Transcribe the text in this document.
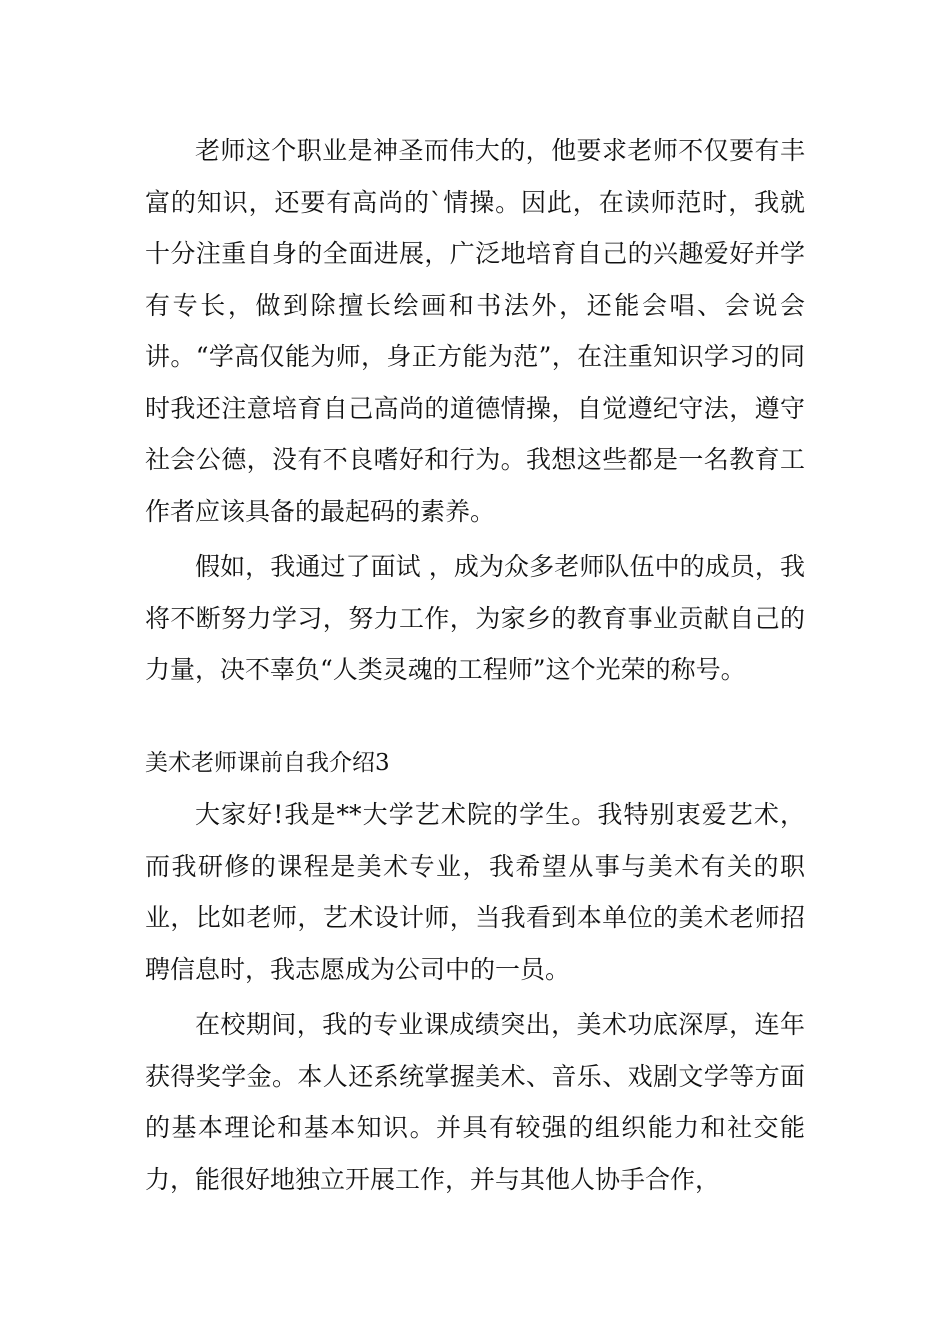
老师这个职业是神圣而伟大的，他要求老师不仅要有丰富的知识，还要有高尚的`情操。因此，在读师范时，我就十分注重自身的全面进展，广泛地培育自己的兴趣爱好并学有专长，做到除擅长绘画和书法外，还能会唱、会说会讲。“学高仅能为师，身正方能为范”，在注重知识学习的同时我还注意培育自己高尚的道德情操，自觉遵纪守法，遵守社会公德，没有不良嗜好和行为。我想这些都是一名教育工作者应该具备的最起码的素养。

假如，我通过了面试 ，成为众多老师队伍中的成员，我将不断努力学习，努力工作，为家乡的教育事业贡献自己的力量，决不辜负“人类灵魂的工程师”这个光荣的称号。

美术老师课前自我介绍3

大家好!我是**大学艺术院的学生。我特别衷爱艺术，而我研修的课程是美术专业，我希望从事与美术有关的职业，比如老师，艺术设计师，当我看到本单位的美术老师招聘信息时，我志愿成为公司中的一员。

在校期间，我的专业课成绩突出，美术功底深厚，连年获得奖学金。本人还系统掌握美术、音乐、戏剧文学等方面的基本理论和基本知识。并具有较强的组织能力和社交能力，能很好地独立开展工作，并与其他人协手合作，
